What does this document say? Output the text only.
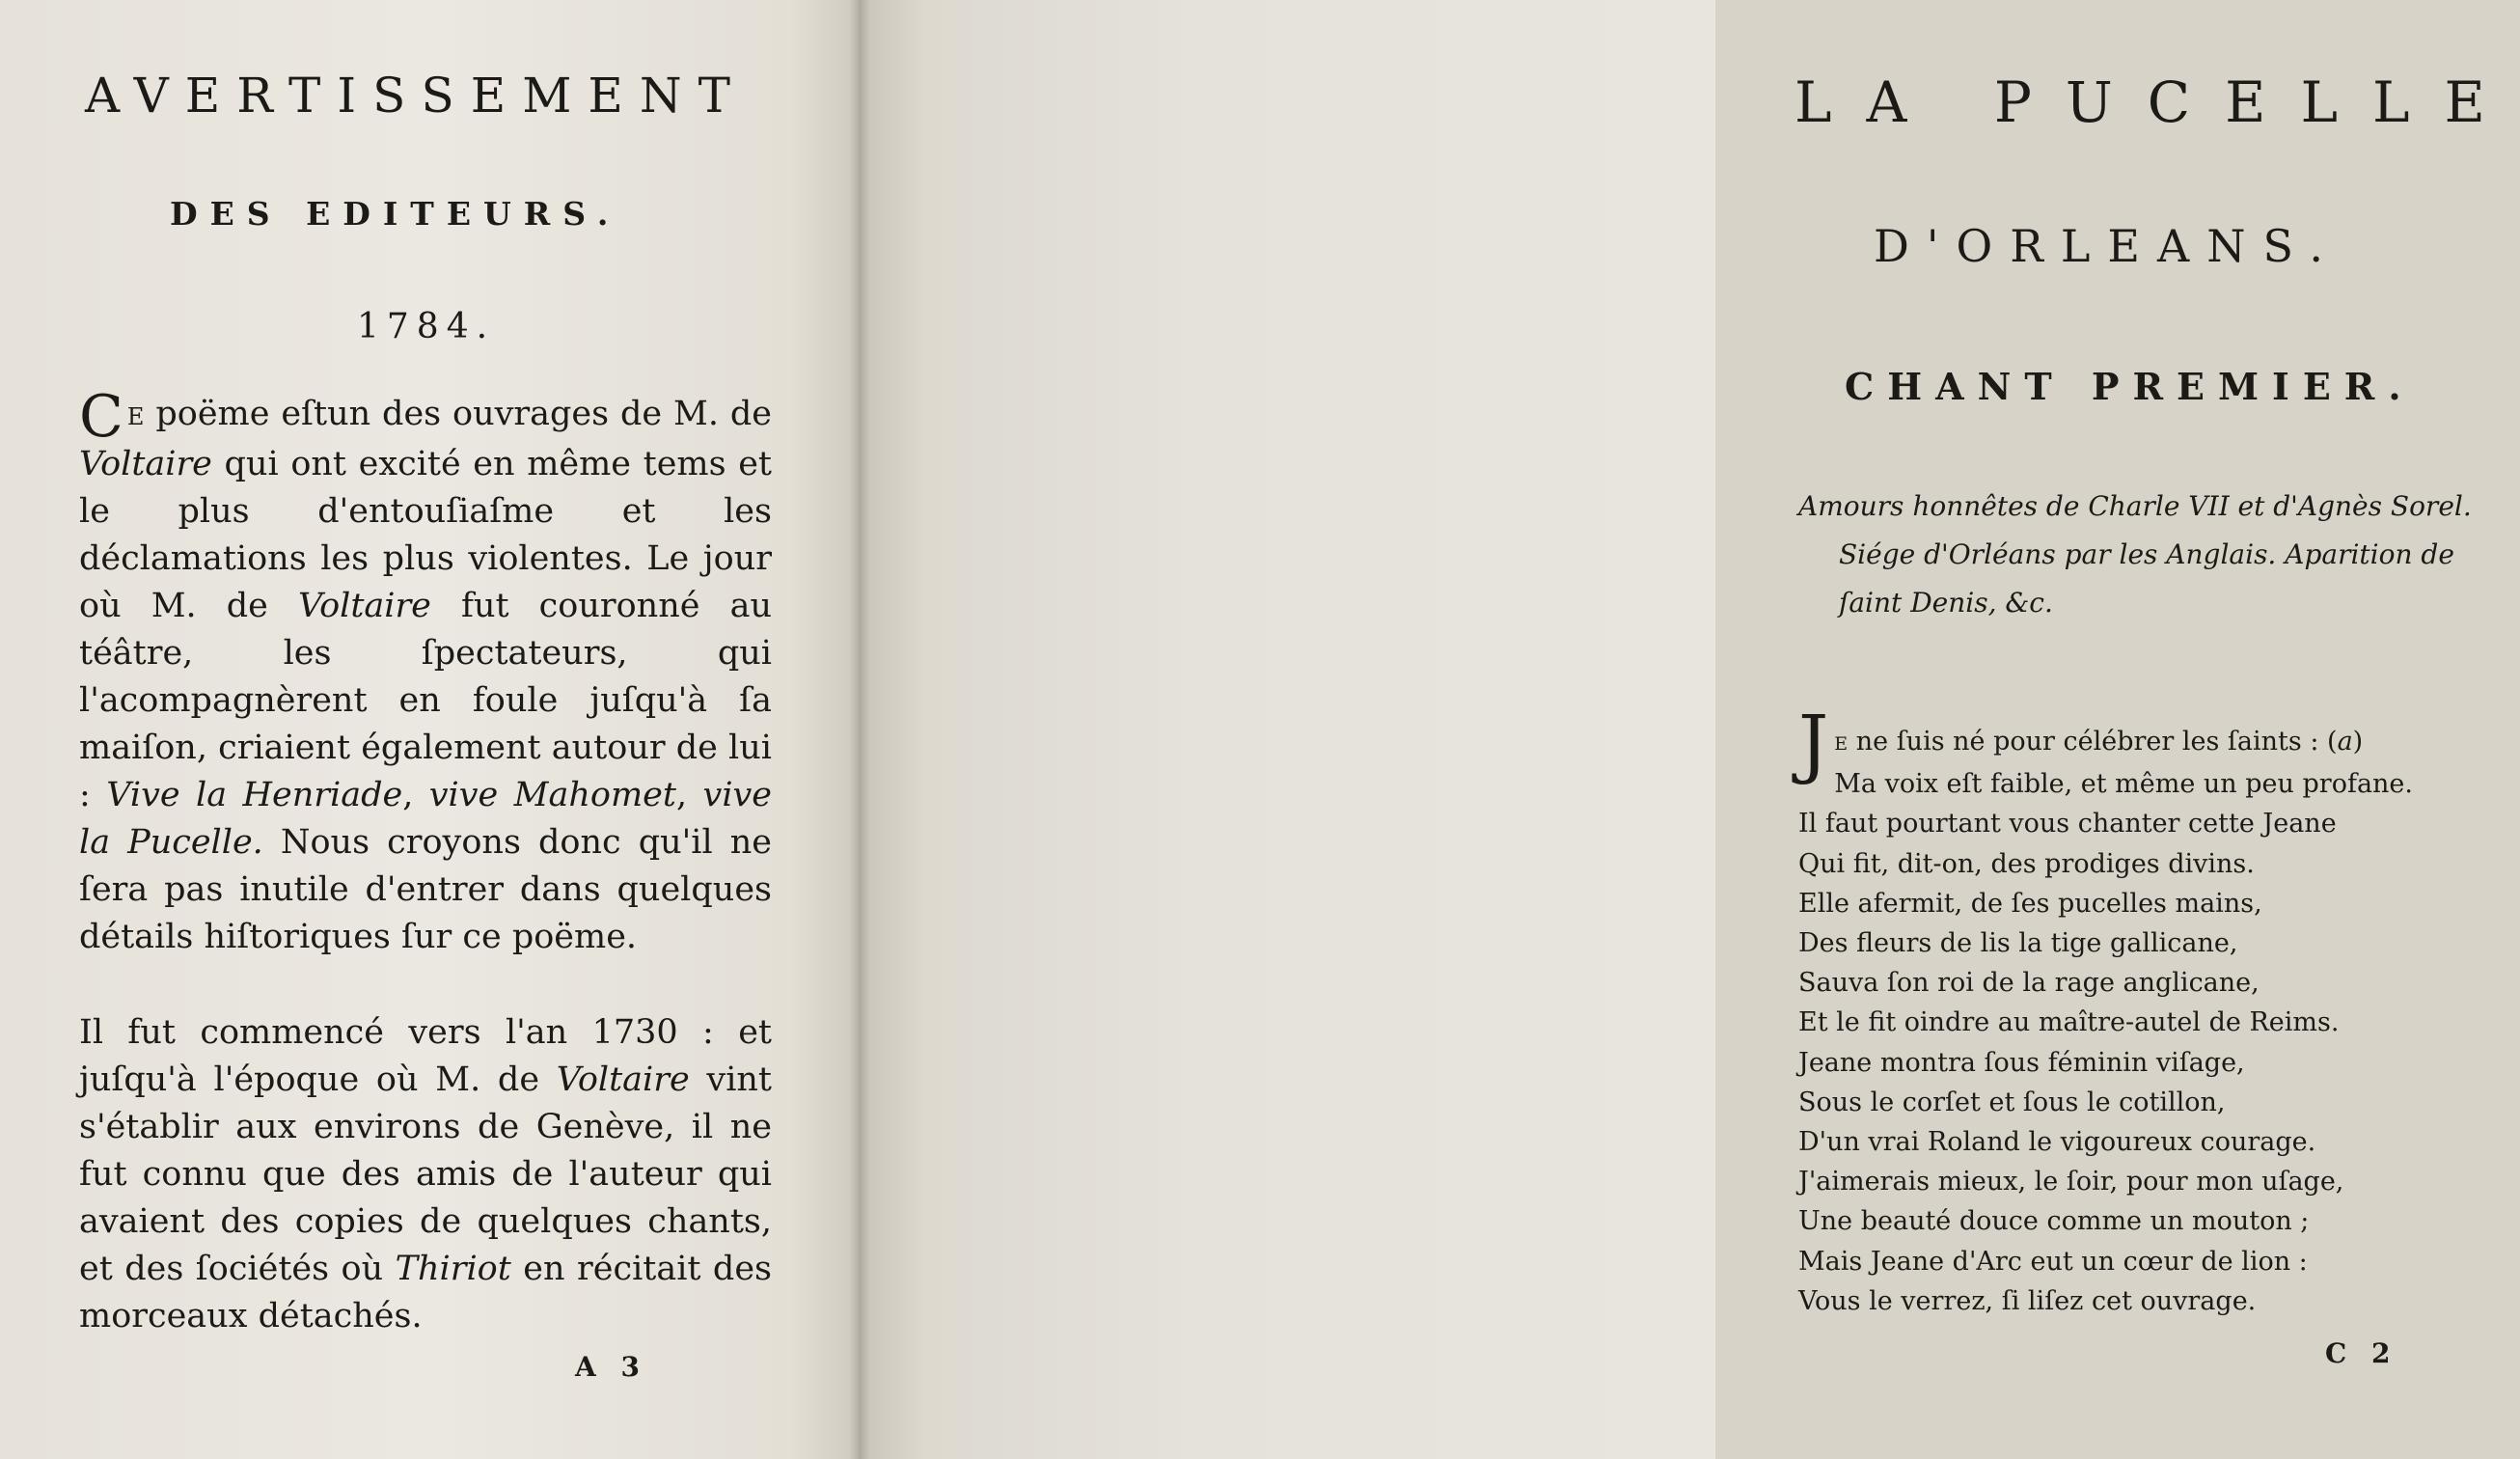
AVERTISSEMENT
DES EDITEURS.
1784.

C E poëme eſtun des ouvrages de M. de Voltaire qui ont excité en même tems et le plus d'entouſiaſme et les déclamations les plus violentes. Le jour où M. de Voltaire fut couronné au téâtre, les ſpectateurs, qui l'acompagnèrent en foule juſqu'à ſa maiſon, criaient également autour de lui : Vive la Henriade, vive Mahomet, vive la Pucelle. Nous croyons donc qu'il ne ſera pas inutile d'entrer dans quelques détails hiſtoriques ſur ce poëme.

Il fut commencé vers l'an 1730 : et juſqu'à l'époque où M. de Voltaire vint s'établir aux environs de Genève, il ne fut connu que des amis de l'auteur qui avaient des copies de quelques chants, et des ſociétés où Thiriot en récitait des morceaux détachés.

A 3
LA PUCELLE
D'ORLEANS.
CHANT PREMIER.
Amours honnêtes de Charle VII et d'Agnès Sorel.
Siége d'Orléans par les Anglais. Aparition de
ſaint Denis, &c.
J E ne ſuis né pour célébrer les ſaints : (a)
Ma voix eſt faible, et même un peu profane.
Il faut pourtant vous chanter cette Jeane
Qui fit, dit-on, des prodiges divins.
Elle afermit, de ſes pucelles mains,
Des fleurs de lis la tige gallicane,
Sauva ſon roi de la rage anglicane,
Et le fit oindre au maître-autel de Reims.
Jeane montra ſous féminin viſage,
Sous le corſet et ſous le cotillon,
D'un vrai Roland le vigoureux courage.
J'aimerais mieux, le ſoir, pour mon uſage,
Une beauté douce comme un mouton ;
Mais Jeane d'Arc eut un cœur de lion :
Vous le verrez, ſi liſez cet ouvrage.
C 2
